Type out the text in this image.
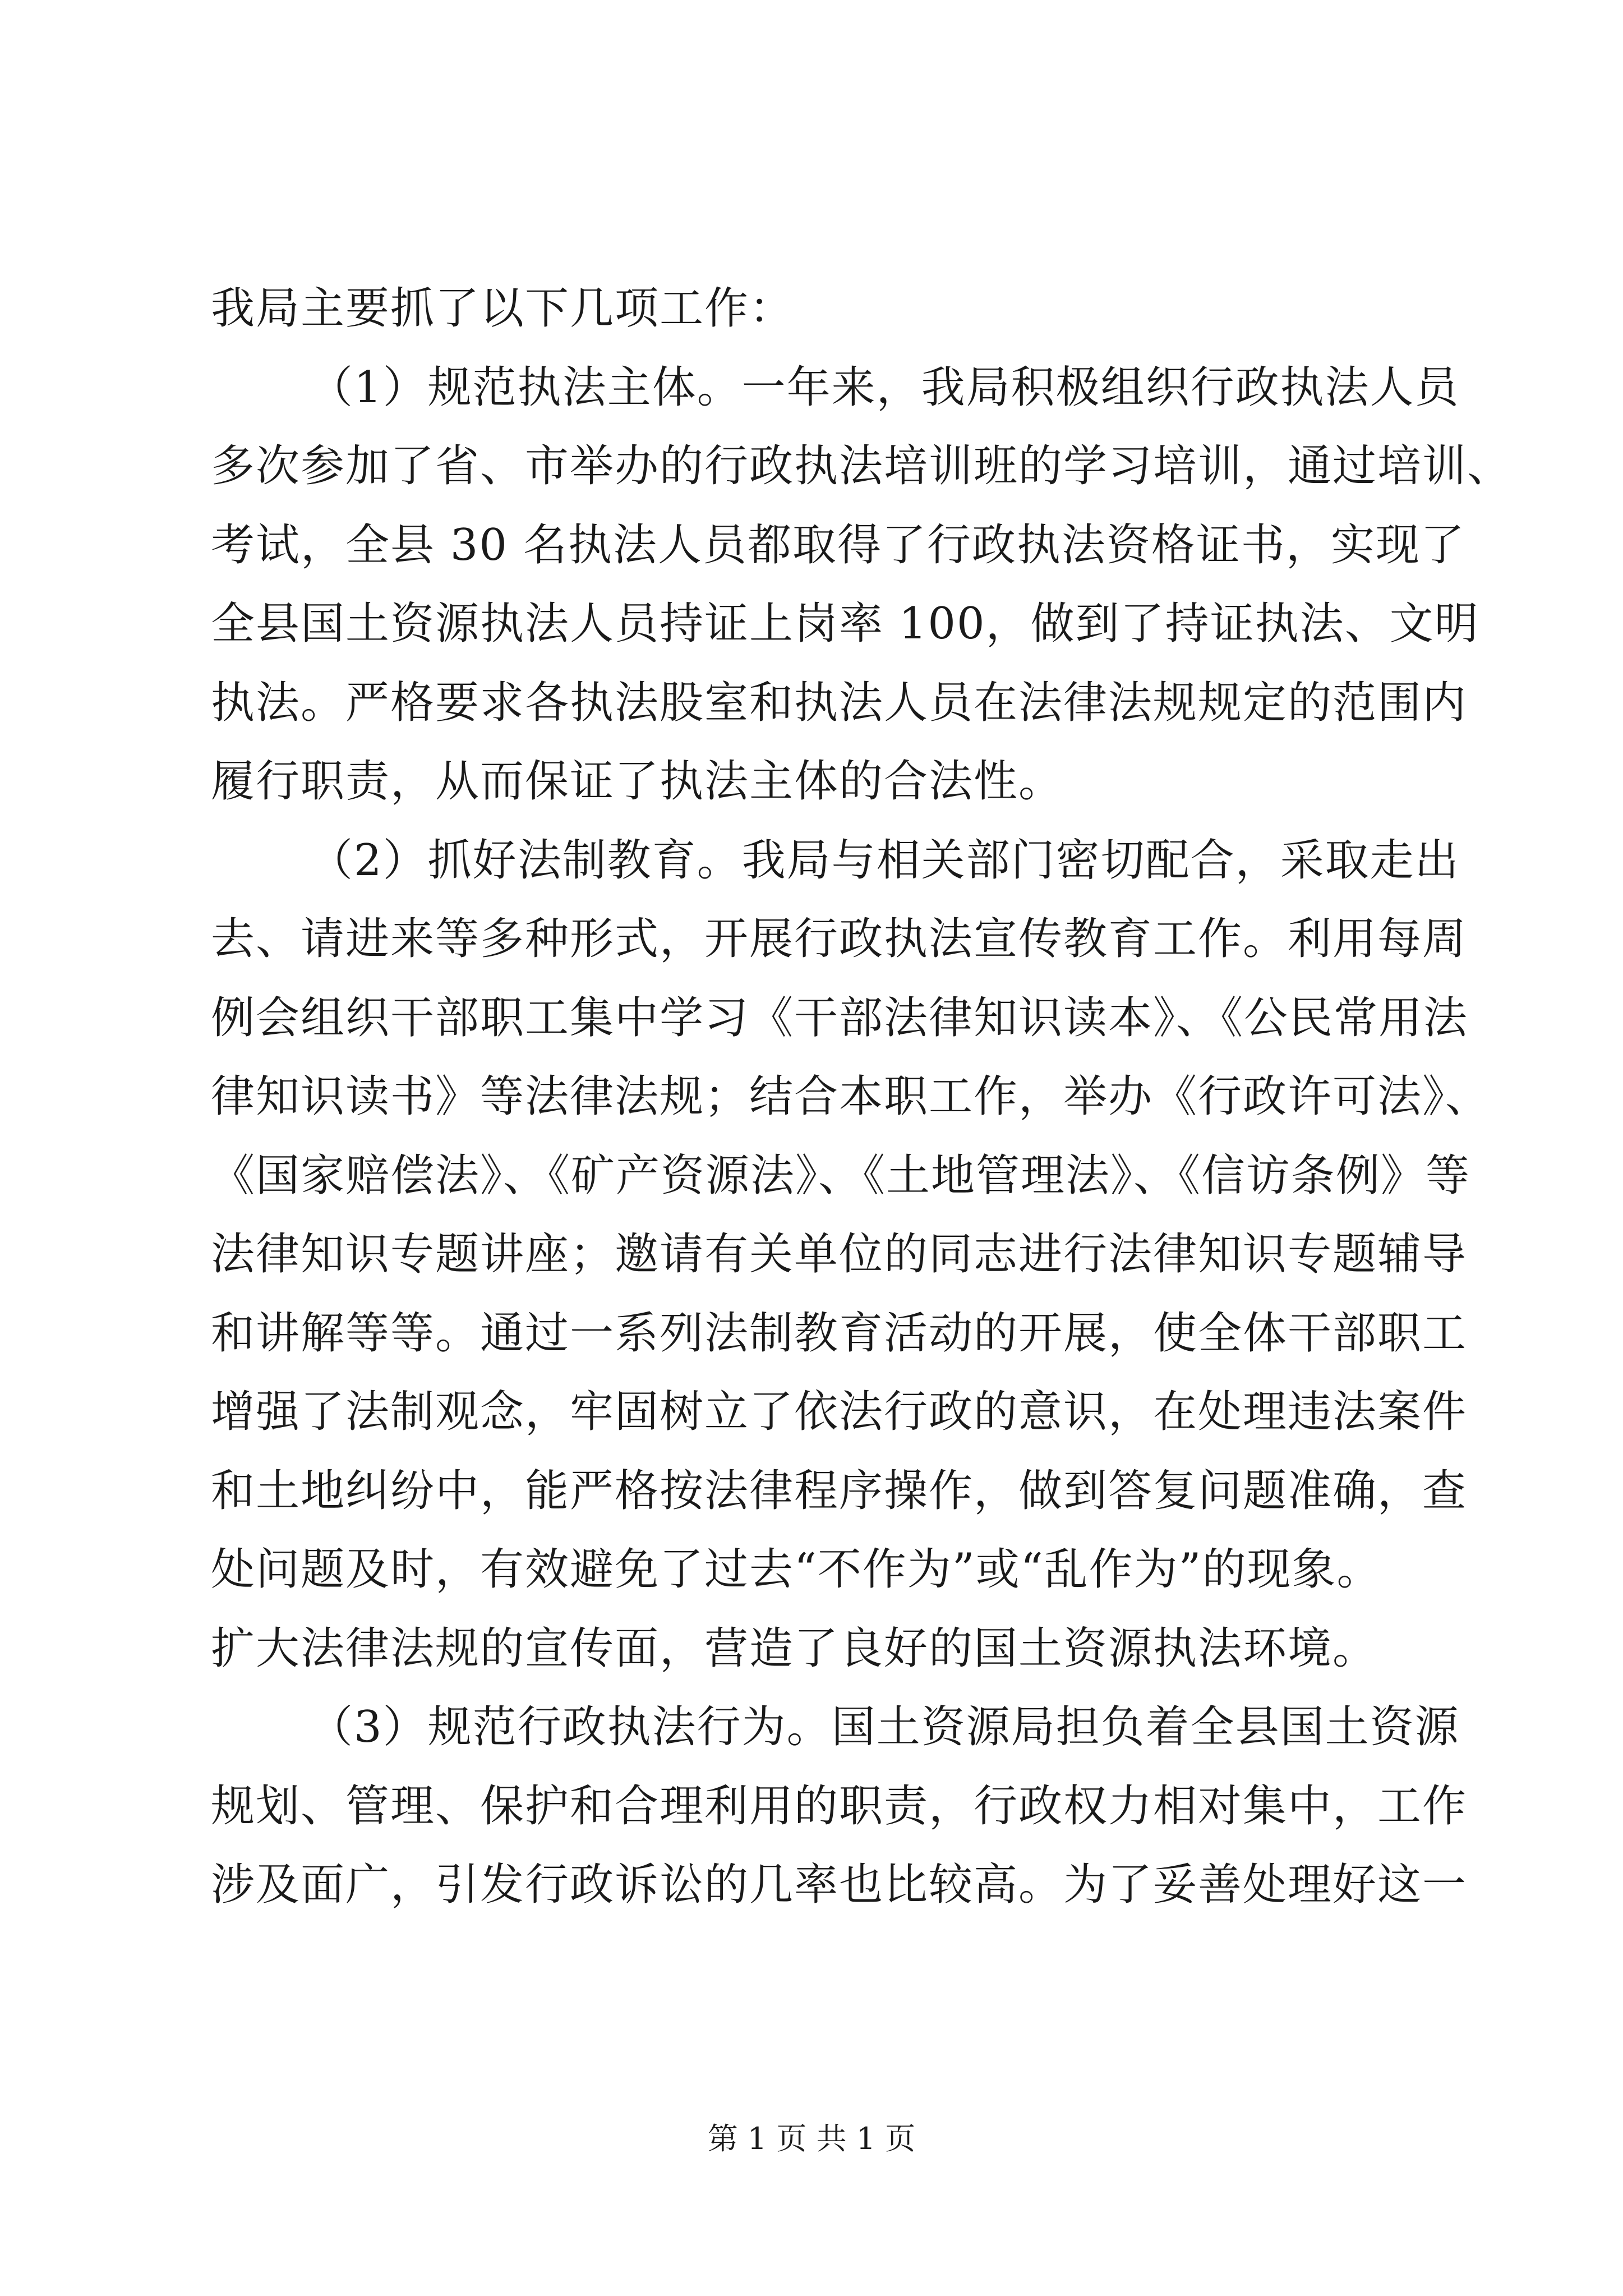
我局主要抓了以下几项工作：
（1）规范执法主体。一年来，我局积极组织行政执法人员
多次参加了省、市举办的行政执法培训班的学习培训，通过培训、
考试，全县 30 名执法人员都取得了行政执法资格证书，实现了
全县国土资源执法人员持证上岗率 100，做到了持证执法、文明
执法。严格要求各执法股室和执法人员在法律法规规定的范围内
履行职责，从而保证了执法主体的合法性。
（2）抓好法制教育。我局与相关部门密切配合，采取走出
去、请进来等多种形式，开展行政执法宣传教育工作。利用每周
例会组织干部职工集中学习《干部法律知识读本》、《公民常用法
律知识读书》等法律法规；结合本职工作，举办《行政许可法》、
《国家赔偿法》、《矿产资源法》、《土地管理法》、《信访条例》等
法律知识专题讲座；邀请有关单位的同志进行法律知识专题辅导
和讲解等等。通过一系列法制教育活动的开展，使全体干部职工
增强了法制观念，牢固树立了依法行政的意识，在处理违法案件
和土地纠纷中，能严格按法律程序操作，做到答复问题准确，查
处问题及时，有效避免了过去“不作为”或“乱作为”的现象。
扩大法律法规的宣传面，营造了良好的国土资源执法环境。
（3）规范行政执法行为。国土资源局担负着全县国土资源
规划、管理、保护和合理利用的职责，行政权力相对集中，工作
涉及面广，引发行政诉讼的几率也比较高。为了妥善处理好这一
第 1 页 共 1 页
